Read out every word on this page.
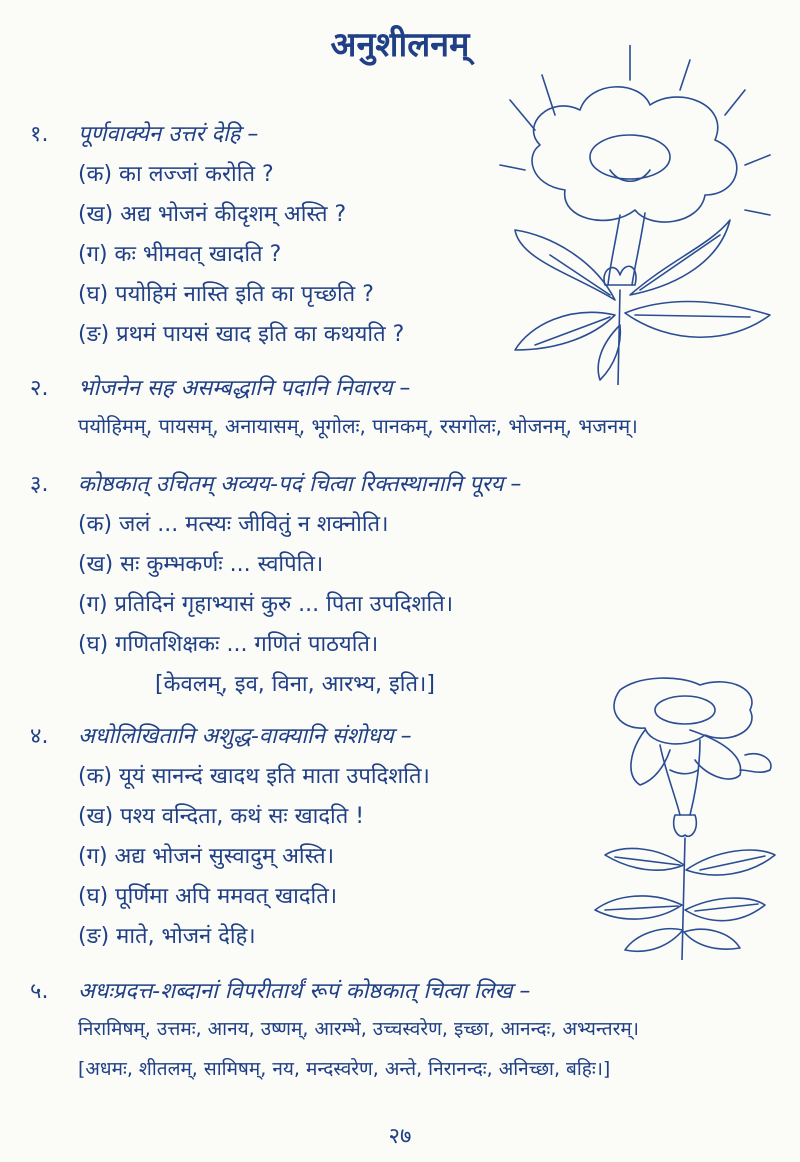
अनुशीलनम्
१. पूर्णवाक्येन उत्तरं देहि –
(क) का लज्जां करोति ?
(ख) अद्य भोजनं कीदृशम् अस्ति ?
(ग) कः भीमवत् खादति ?
(घ) पयोहिमं नास्ति इति का पृच्छति ?
(ङ) प्रथमं पायसं खाद इति का कथयति ?
२. भोजनेन सह असम्बद्धानि पदानि निवारय –
पयोहिमम्, पायसम्, अनायासम्, भूगोलः, पानकम्, रसगोलः, भोजनम्, भजनम्।
३. कोष्ठकात् उचितम् अव्यय-पदं चित्वा रिक्तस्थानानि पूरय –
(क) जलं ... मत्स्यः जीवितुं न शक्नोति।
(ख) सः कुम्भकर्णः ... स्वपिति।
(ग) प्रतिदिनं गृहाभ्यासं कुरु ... पिता उपदिशति।
(घ) गणितशिक्षकः ... गणितं पाठयति।
[केवलम्, इव, विना, आरभ्य, इति।]
४. अधोलिखितानि अशुद्ध-वाक्यानि संशोधय –
(क) यूयं सानन्दं खादथ इति माता उपदिशति।
(ख) पश्य वन्दिता, कथं सः खादति !
(ग) अद्य भोजनं सुस्वादुम् अस्ति।
(घ) पूर्णिमा अपि ममवत् खादति।
(ङ) माते, भोजनं देहि।
५. अधःप्रदत्त-शब्दानां विपरीतार्थं रूपं कोष्ठकात् चित्वा लिख –
निरामिषम्, उत्तमः, आनय, उष्णम्, आरम्भे, उच्चस्वरेण, इच्छा, आनन्दः, अभ्यन्तरम्।
[अधमः, शीतलम्, सामिषम्, नय, मन्दस्वरेण, अन्ते, निरानन्दः, अनिच्छा, बहिः।]
२७
